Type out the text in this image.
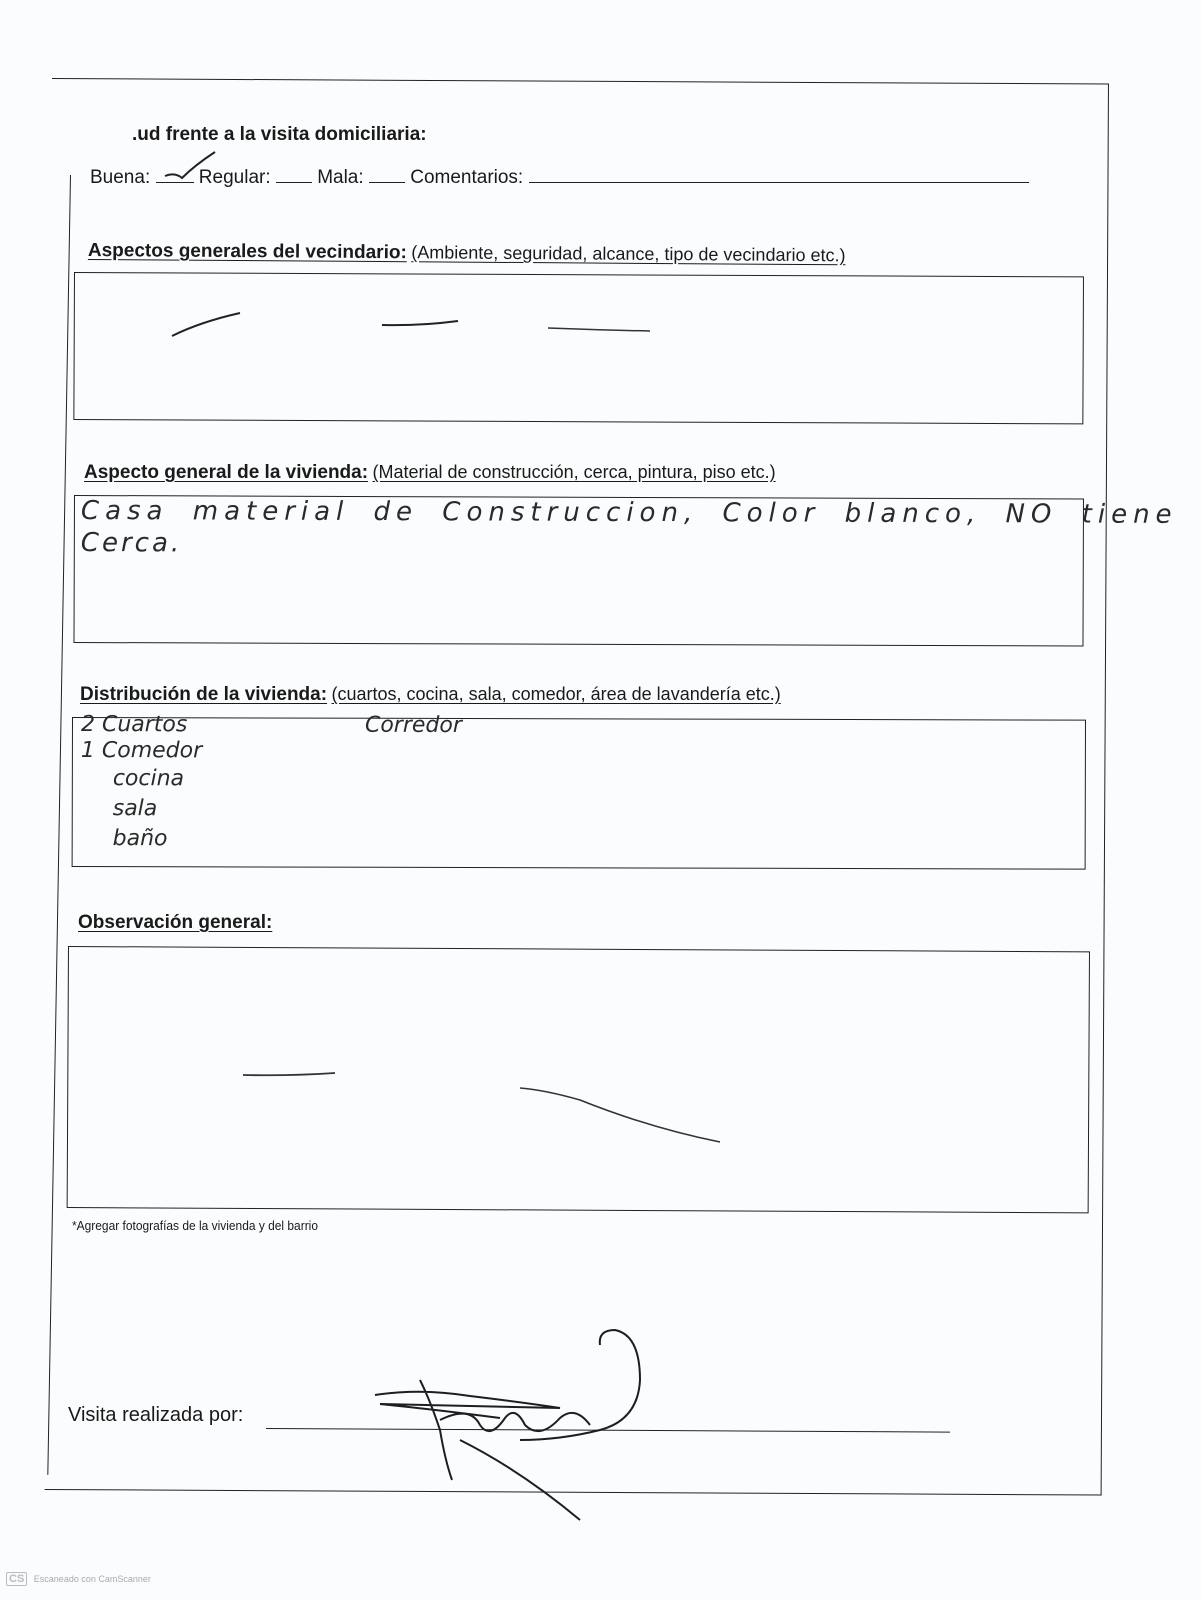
.ud frente a la visita domiciliaria:
Buena:	Regular: Mala: Comentarios:
Aspectos generales del vecindario: (Ambiente, seguridad, alcance, tipo de vecindario etc.)
Aspecto general de la vivienda: (Material de construcción, cerca, pintura, piso etc.)
Casa material de Construccion, Color blanco, NO tiene
Cerca.
Distribución de la vivienda: (cuartos, cocina, sala, comedor, área de lavandería etc.)
2 Cuartos
1 Comedor
cocina
sala
baño
Corredor
Observación general:
*Agregar fotografías de la vivienda y del barrio
Visita realizada por:
CS Escaneado con CamScanner
